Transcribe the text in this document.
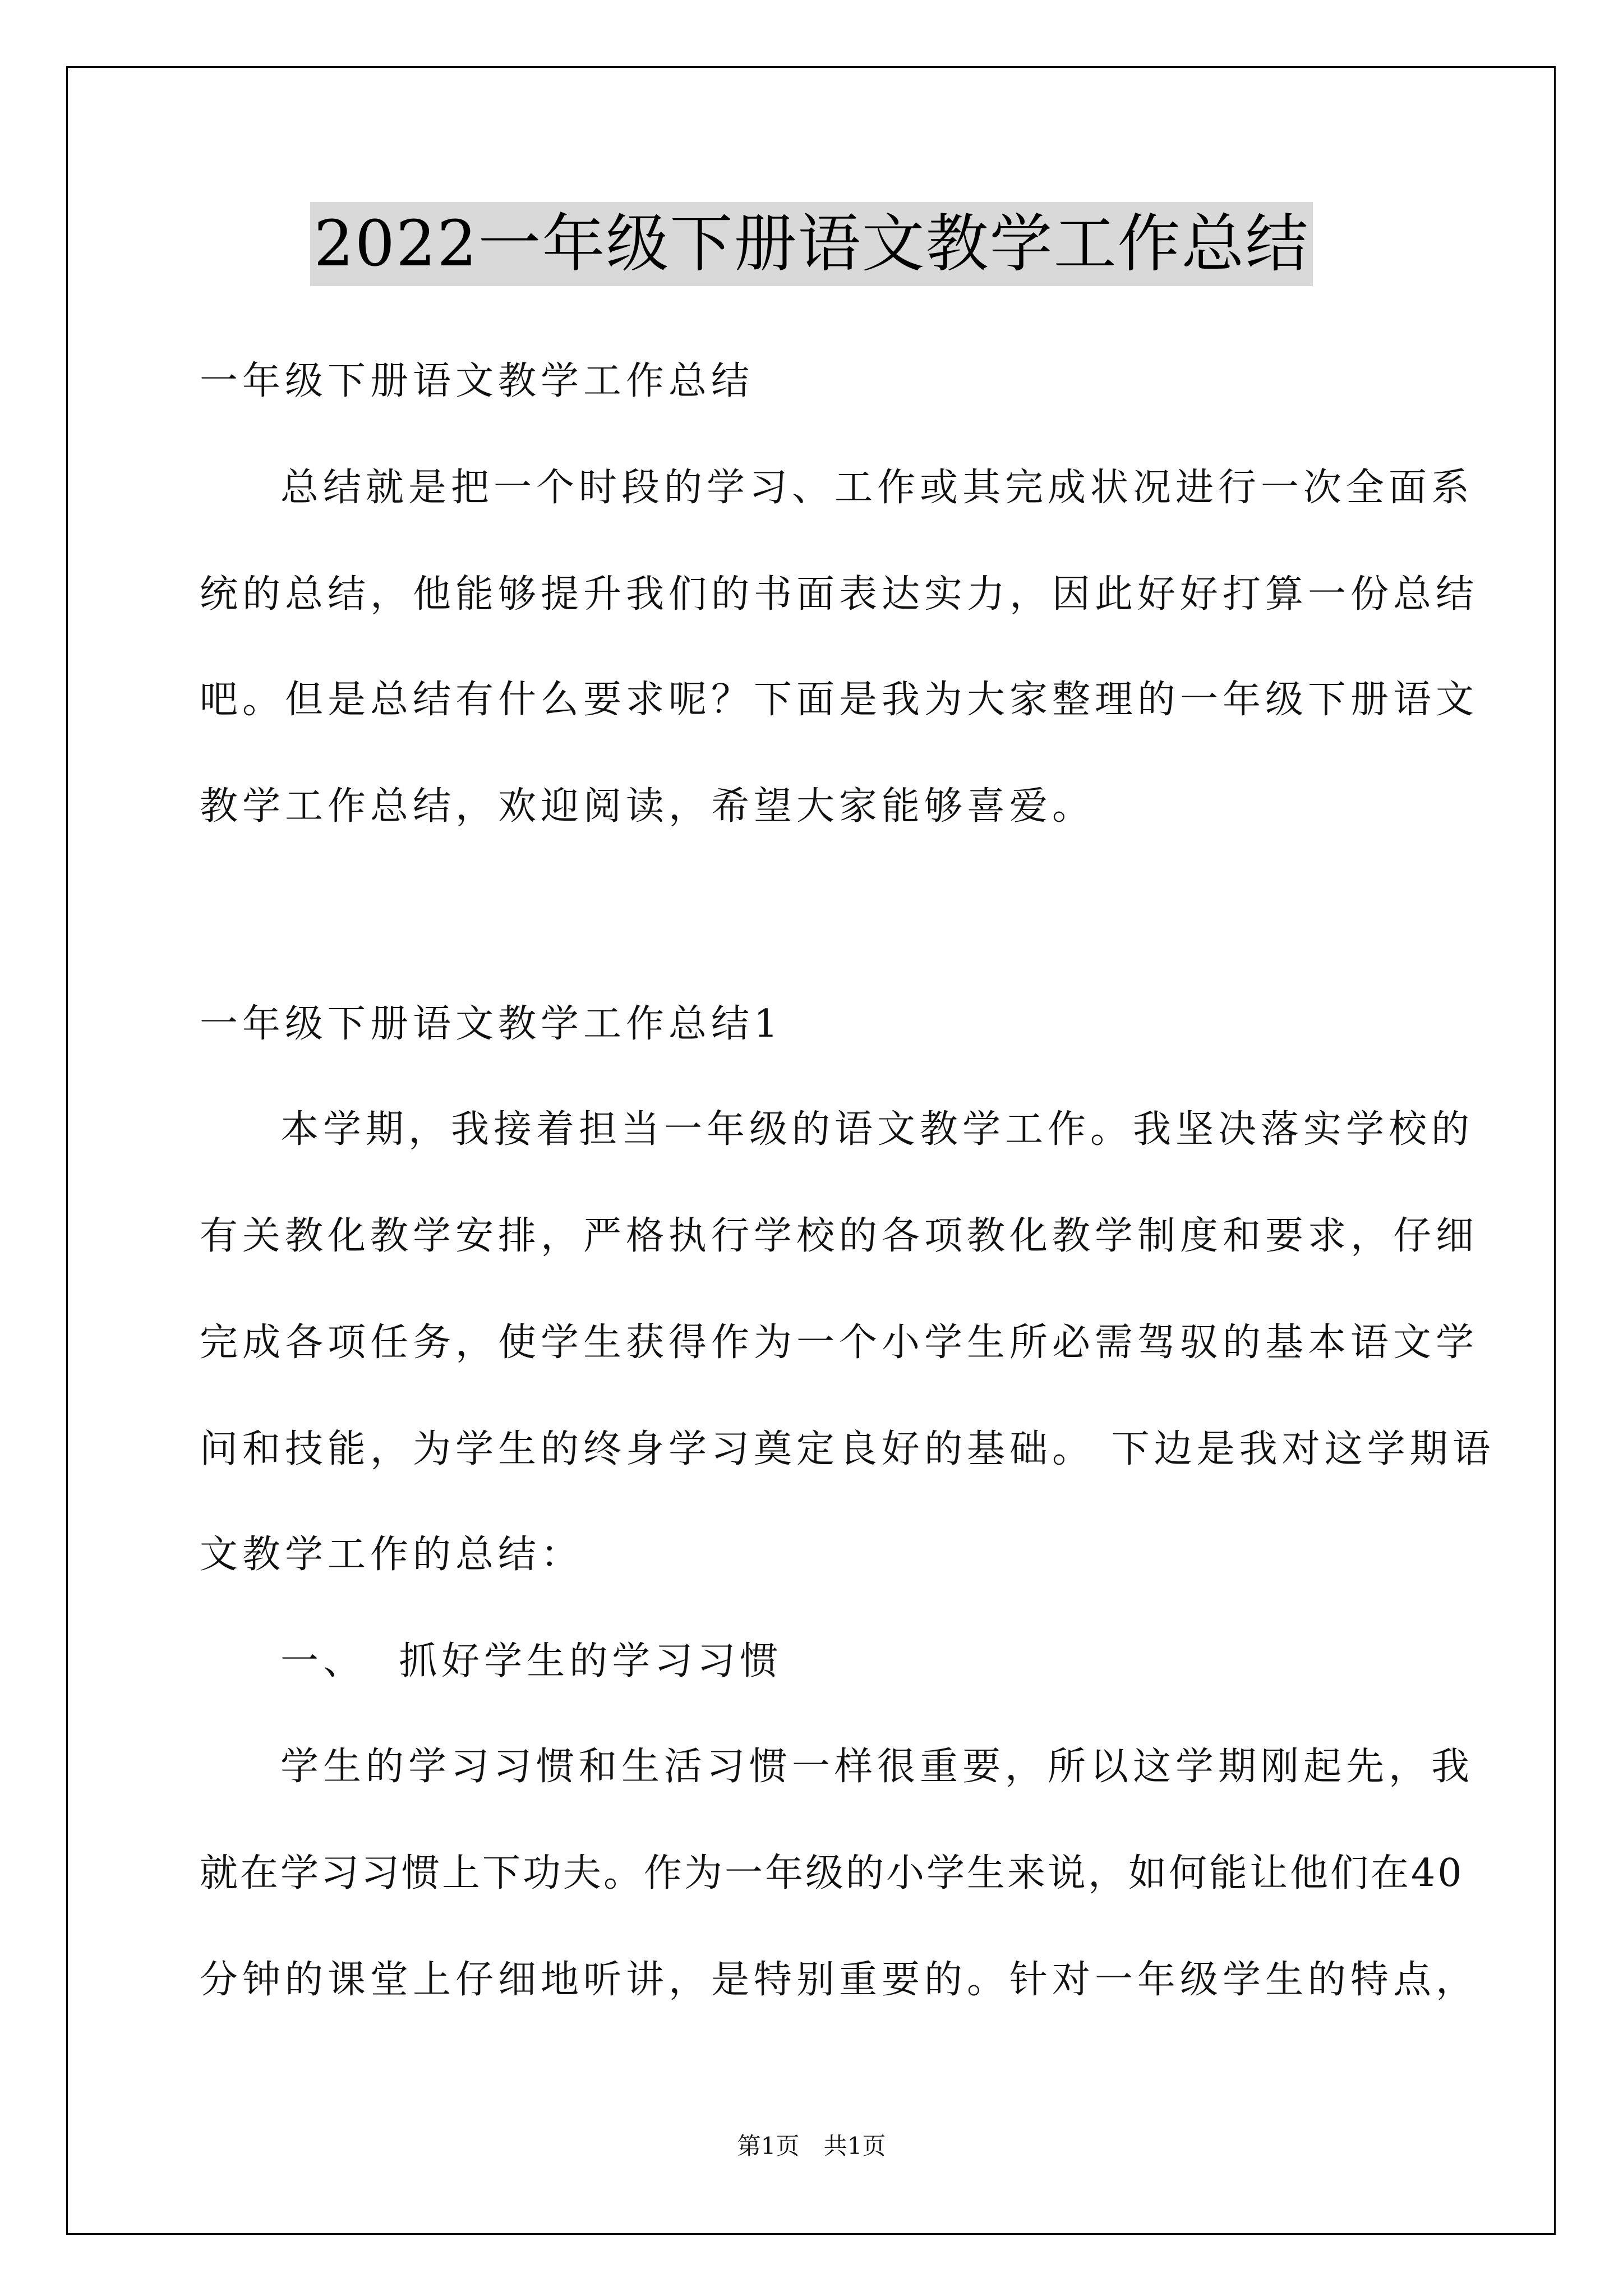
2022一年级下册语文教学工作总结
一年级下册语文教学工作总结
总结就是把一个时段的学习、工作或其完成状况进行一次全面系
统的总结，他能够提升我们的书面表达实力，因此好好打算一份总结
吧。但是总结有什么要求呢？下面是我为大家整理的一年级下册语文
教学工作总结，欢迎阅读，希望大家能够喜爱。
一年级下册语文教学工作总结1
本学期，我接着担当一年级的语文教学工作。我坚决落实学校的
有关教化教学安排，严格执行学校的各项教化教学制度和要求，仔细
完成各项任务，使学生获得作为一个小学生所必需驾驭的基本语文学
问和技能，为学生的终身学习奠定良好的基础。 下边是我对这学期语
文教学工作的总结：
一、  抓好学生的学习习惯
学生的学习习惯和生活习惯一样很重要，所以这学期刚起先，我
就在学习习惯上下功夫。作为一年级的小学生来说，如何能让他们在40
分钟的课堂上仔细地听讲，是特别重要的。针对一年级学生的特点，
第1页 共1页
